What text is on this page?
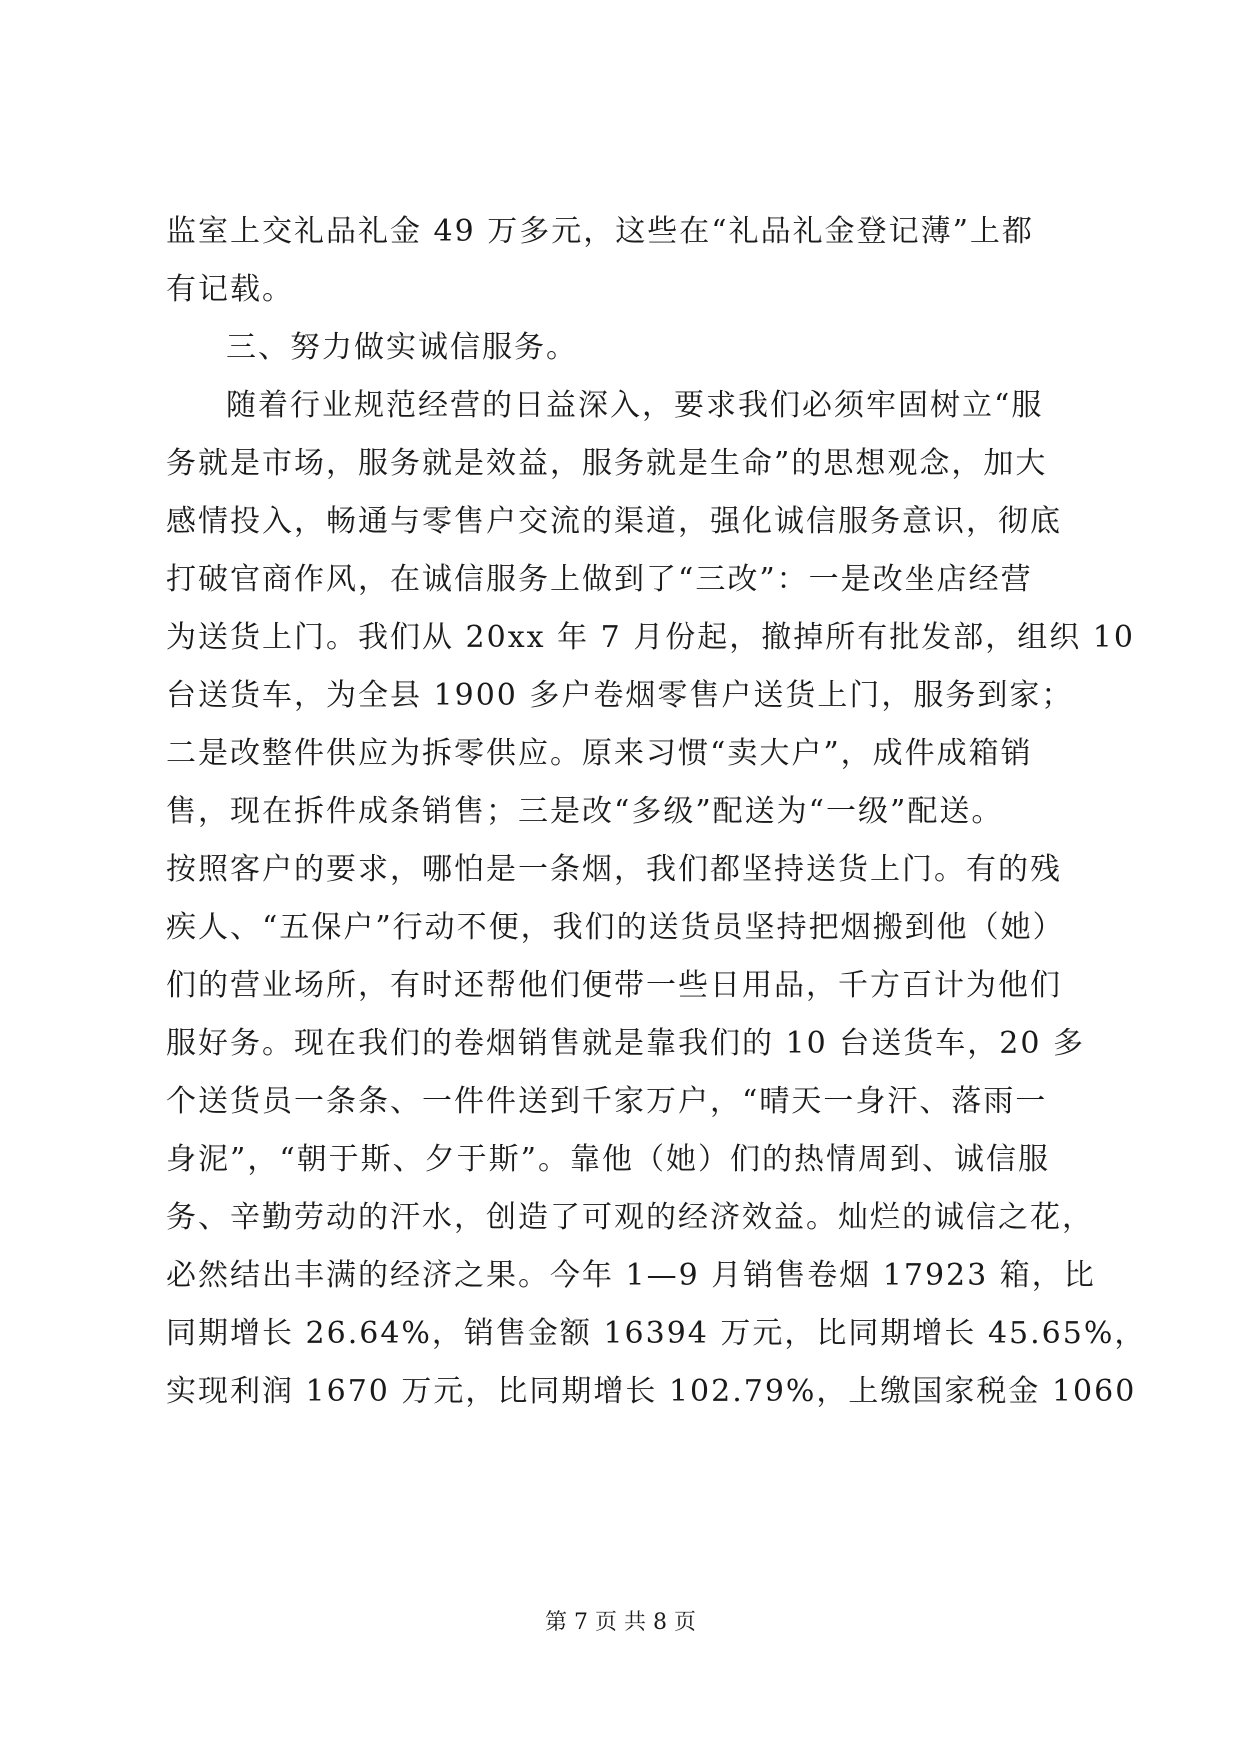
监室上交礼品礼金 49 万多元，这些在“礼品礼金登记薄”上都
有记载。
三、努力做实诚信服务。
随着行业规范经营的日益深入，要求我们必须牢固树立“服
务就是市场，服务就是效益，服务就是生命”的思想观念，加大
感情投入，畅通与零售户交流的渠道，强化诚信服务意识，彻底
打破官商作风，在诚信服务上做到了“三改”：一是改坐店经营
为送货上门。我们从 20xx 年 7 月份起，撤掉所有批发部，组织 10
台送货车，为全县 1900 多户卷烟零售户送货上门，服务到家；
二是改整件供应为拆零供应。原来习惯“卖大户”，成件成箱销
售，现在拆件成条销售；三是改“多级”配送为“一级”配送。
按照客户的要求，哪怕是一条烟，我们都坚持送货上门。有的残
疾人、“五保户”行动不便，我们的送货员坚持把烟搬到他（她）
们的营业场所，有时还帮他们便带一些日用品，千方百计为他们
服好务。现在我们的卷烟销售就是靠我们的 10 台送货车，20 多
个送货员一条条、一件件送到千家万户，“晴天一身汗、落雨一
身泥”，“朝于斯、夕于斯”。靠他（她）们的热情周到、诚信服
务、辛勤劳动的汗水，创造了可观的经济效益。灿烂的诚信之花，
必然结出丰满的经济之果。今年 1—9 月销售卷烟 17923 箱，比
同期增长 26.64%，销售金额 16394 万元，比同期增长 45.65%，
实现利润 1670 万元，比同期增长 102.79%，上缴国家税金 1060
第 7 页 共 8 页
